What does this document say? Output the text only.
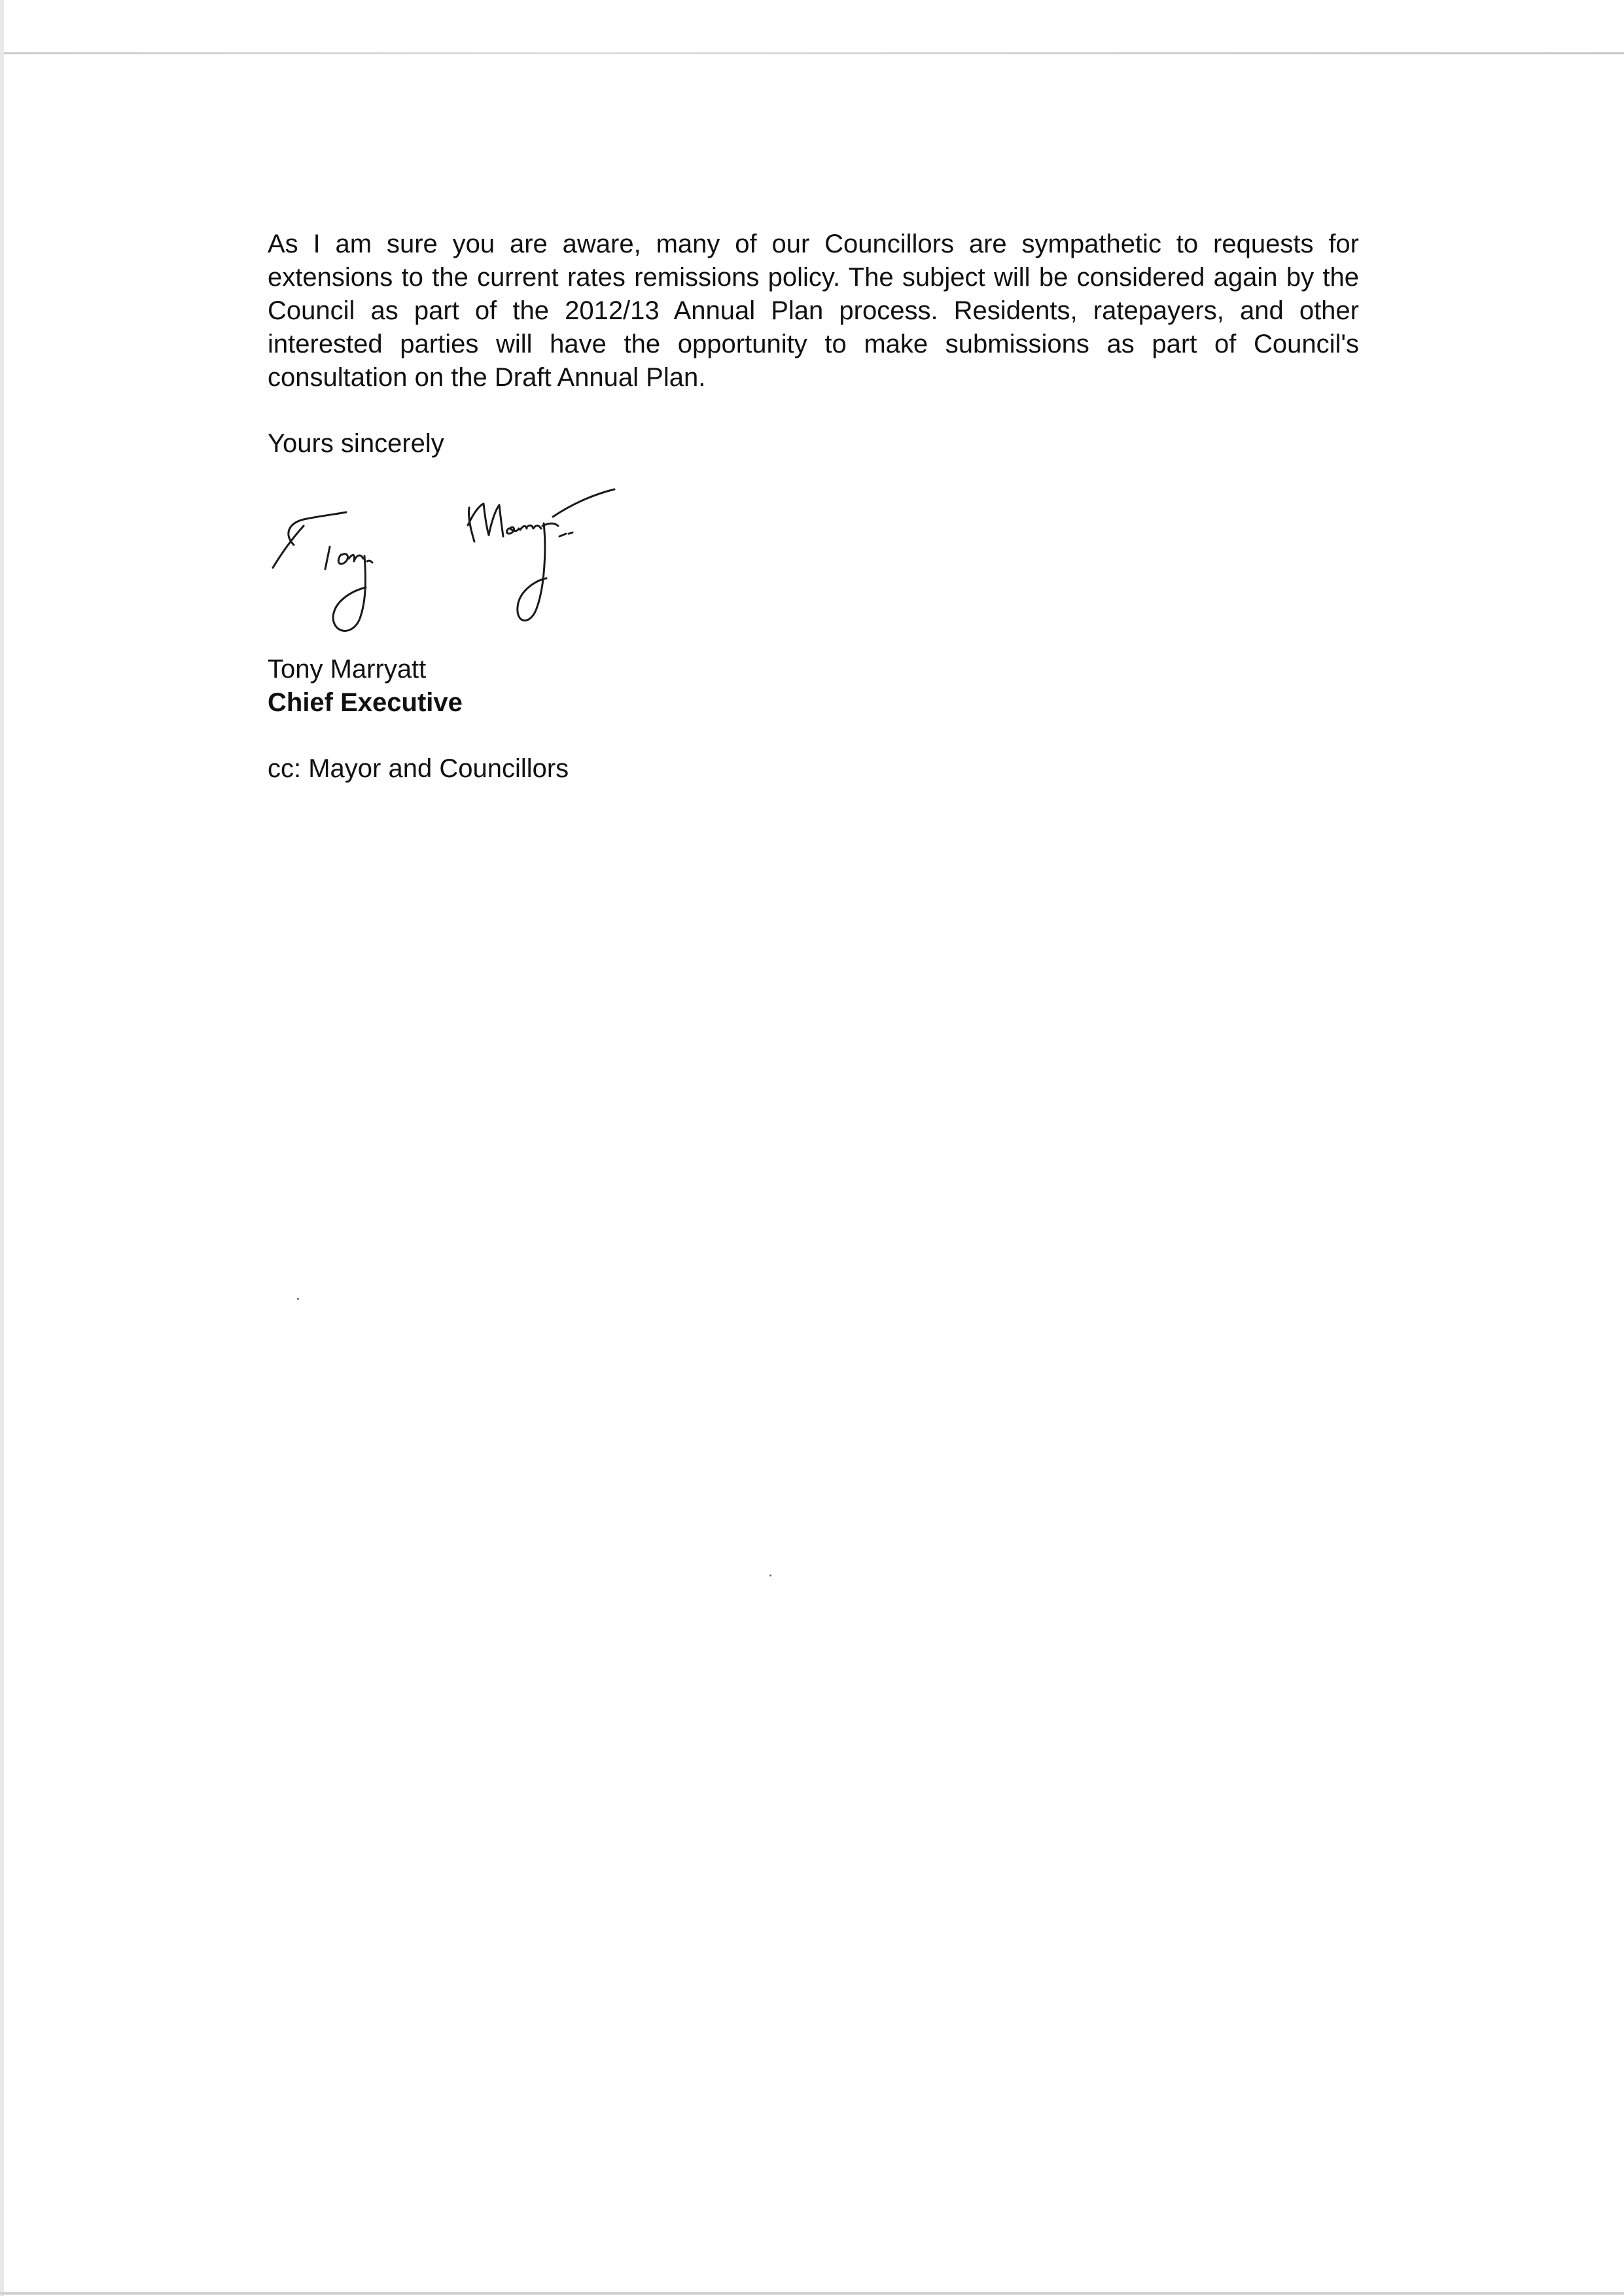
As I am sure you are aware, many of our Councillors are sympathetic to requests for extensions to the current rates remissions policy. The subject will be considered again by the Council as part of the 2012/13 Annual Plan process. Residents, ratepayers, and other interested parties will have the opportunity to make submissions as part of Council's consultation on the Draft Annual Plan.

Yours sincerely

Tony Marryatt

Chief Executive

cc: Mayor and Councillors
